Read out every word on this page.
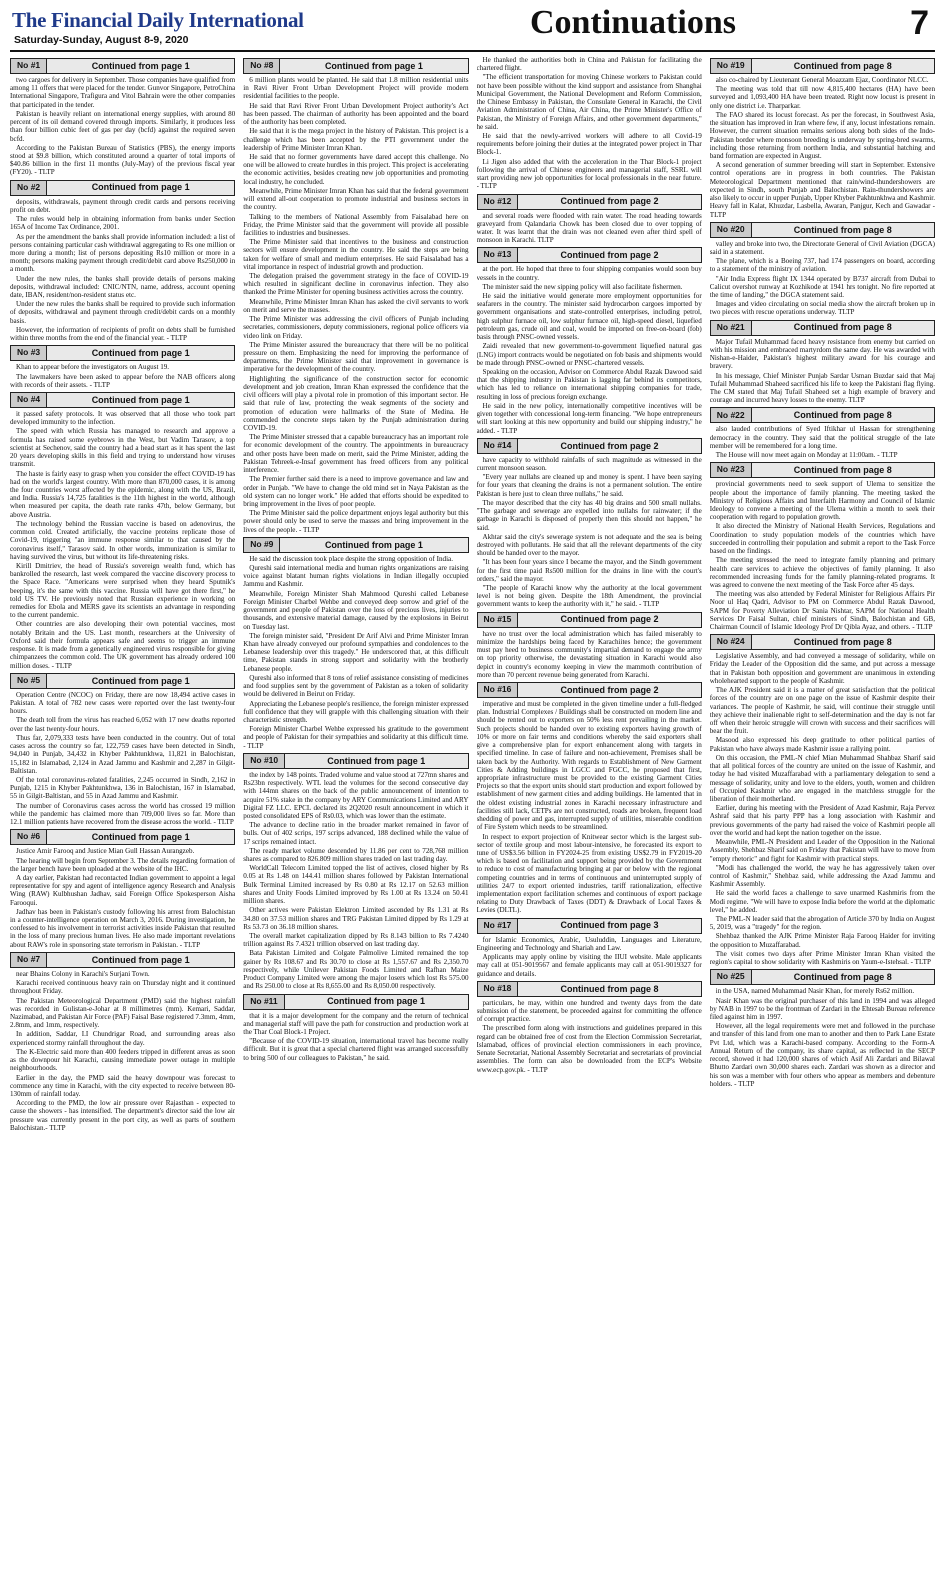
The Financial Daily International
Saturday-Sunday, August 8-9, 2020	Continuations	7
No #1	Continued from page 1

two cargoes for delivery in September. Those companies have qualified from among 11 offers that were placed for the tender. Gunvor Singapore, PetroChina International Singapore, Trafigura and Vitol Bahrain were the other companies that participated in the tender.

Pakistan is heavily reliant on international energy supplies, with around 80 percent of its oil demand covered through imports. Similarly, it produces less than four billion cubic feet of gas per day (bcfd) against the required seven bcfd.

According to the Pakistan Bureau of Statistics (PBS), the energy imports stood at $9.8 billion, which constituted around a quarter of total imports of $40.86 billion in the first 11 months (July-May) of the previous fiscal year (FY20). - TLTP

No #2	Continued from page 1

deposits, withdrawals, payment through credit cards and persons receiving profit on debt.

The rules would help in obtaining information from banks under Section 165A of Income Tax Ordinance, 2001.

As per the amendment the banks shall provide information included: a list of persons containing particular cash withdrawal aggregating to Rs one million or more during a month; list of persons depositing Rs10 million or more in a month; persons making payment through credit/debit card above Rs250,000 in a month.

Under the new rules, the banks shall provide details of persons making deposits, withdrawal included: CNIC/NTN, name, address, account opening date, IBAN, resident/non-resident status etc.

Under the new rules the banks shall be required to provide such information of deposits, withdrawal and payment through credit/debit cards on a monthly basis.

However, the information of recipients of profit on debts shall be furnished within three months from the end of the financial year. - TLTP

No #3	Continued from page 1

Khan to appear before the investigators on August 19.

The lawmakers have been asked to appear before the NAB officers along with records of their assets. - TLTP

No #4	Continued from page 1

it passed safety protocols. It was observed that all those who took part developed immunity to the infection.

The speed with which Russia has managed to research and approve a formula has raised some eyebrows in the West, but Vadim Tarasov, a top scientist at Sechenov, said the country had a head start as it has spent the last 20 years developing skills in this field and trying to understand how viruses transmit.

The haste is fairly easy to grasp when you consider the effect COVID-19 has had on the world's largest country. With more than 870,000 cases, it is among the four countries worst affected by the epidemic, along with the US, Brazil, and India. Russia's 14,725 fatalities is the 11th highest in the world, although when measured per capita, the death rate ranks 47th, below Germany, but above Austria.

The technology behind the Russian vaccine is based on adenovirus, the common cold. Created artificially, the vaccine proteins replicate those of Covid-19, triggering "an immune response similar to that caused by the coronavirus itself," Tarasov said. In other words, immunization is similar to having survived the virus, but without its life-threatening risks.

Kirill Dmitriev, the head of Russia's sovereign wealth fund, which has bankrolled the research, last week compared the vaccine discovery process to the Space Race. "Americans were surprised when they heard Sputnik's beeping, it's the same with this vaccine. Russia will have got there first," he told US TV. He previously noted that Russian experience in working on remedies for Ebola and MERS gave its scientists an advantage in responding to the current pandemic.

Other countries are also developing their own potential vaccines, most notably Britain and the US. Last month, researchers at the University of Oxford said their formula appears safe and seems to trigger an immune response. It is made from a genetically engineered virus responsible for giving chimpanzees the common cold. The UK government has already ordered 100 million doses. - TLTP

No #5	Continued from page 1

Operation Centre (NCOC) on Friday, there are now 18,494 active cases in Pakistan. A total of 782 new cases were reported over the last twenty-four hours.

The death toll from the virus has reached 6,052 with 17 new deaths reported over the last twenty-four hours.

Thus far, 2,079,333 tests have been conducted in the country. Out of total cases across the country so far, 122,759 cases have been detected in Sindh, 94,040 in Punjab, 34,432 in Khyber Pakhtunkhwa, 11,821 in Balochistan, 15,182 in Islamabad, 2,124 in Azad Jammu and Kashmir and 2,287 in Gilgit-Baltistan.

Of the total coronavirus-related fatalities, 2,245 occurred in Sindh, 2,162 in Punjab, 1215 in Khyber Pakhtunkhwa, 136 in Balochistan, 167 in Islamabad, 55 in Gilgit-Baltistan, and 55 in Azad Jammu and Kashmir.

The number of Coronavirus cases across the world has crossed 19 million while the pandemic has claimed more than 709,000 lives so far. More than 12.1 million patients have recovered from the disease across the world. - TLTP

No #6	Continued from page 1

Justice Amir Farooq and Justice Mian Gull Hassan Aurangzeb.

The hearing will begin from September 3. The details regarding formation of the larger bench have been uploaded at the website of the IHC.

A day earlier, Pakistan had recontacted Indian government to appoint a legal representative for spy and agent of intelligence agency Research and Analysis Wing (RAW) Kulbhushan Jadhav, said Foreign Office Spokesperson Aisha Farooqui.

Jadhav has been in Pakistan's custody following his arrest from Balochistan in a counter-intelligence operation on March 3, 2016. During investigation, he confessed to his involvement in terrorist activities inside Pakistan that resulted in the loss of many precious human lives. He also made important revelations about RAW's role in sponsoring state terrorism in Pakistan. - TLTP

No #7	Continued from page 1

near Bhains Colony in Karachi's Surjani Town.

Karachi received continuous heavy rain on Thursday night and it continued throughout Friday.

The Pakistan Meteorological Department (PMD) said the highest rainfall was recorded in Gulistan-e-Johar at 8 millimetres (mm). Kemari, Saddar, Nazimabad, and Pakistan Air Force (PAF) Faisal Base registered 7.3mm, 4mm, 2.8mm, and 1mm, respectively.

In addition, Saddar, I.I Chundrigar Road, and surrounding areas also experienced stormy rainfall throughout the day.

The K-Electric said more than 400 feeders tripped in different areas as soon as the downpour hit Karachi, causing immediate power outage in multiple neighbourhoods.

Earlier in the day, the PMD said the heavy downpour was forecast to commence any time in Karachi, with the city expected to receive between 80-130mm of rainfall today.

According to the PMD, the low air pressure over Rajasthan - expected to cause the showers - has intensified. The department's director said the low air pressure was currently present in the port city, as well as parts of southern Balochistan.- TLTP

No #8	Continued from page 1

6 million plants would be planted. He said that 1.8 million residential units in Ravi River Front Urban Development Project will provide modern residential facilities to the people.

He said that Ravi River Front Urban Development Project authority's Act has been passed. The chairman of authority has been appointed and the board of the authority has been completed.

He said that it is the mega project in the history of Pakistan. This project is a challenge which has been accepted by the PTI government under the leadership of Prime Minister Imran Khan.

He said that no former governments have dared accept this challenge. No one will be allowed to create hurdles in this project. This project is accelerating the economic activities, besides creating new job opportunities and promoting local industry, he concluded.

Meanwhile, Prime Minister Imran Khan has said that the federal government will extend all-out cooperation to promote industrial and business sectors in the country.

Talking to the members of National Assembly from Faisalabad here on Friday, the Prime Minister said that the government will provide all possible facilities to industries and businesses.

The Prime Minister said that incentives to the business and construction sectors will ensure development in the country. He said the steps are being taken for welfare of small and medium enterprises. He said Faisalabad has a vital importance in respect of industrial growth and production.

The delegation praised the government strategy in the face of COVID-19 which resulted in significant decline in coronavirus infection. They also thanked the Prime Minister for opening business activities across the country.

Meanwhile, Prime Minister Imran Khan has asked the civil servants to work on merit and serve the masses.

The Prime Minister was addressing the civil officers of Punjab including secretaries, commissioners, deputy commissioners, regional police officers via video link on Friday.

The Prime Minister assured the bureaucracy that there will be no political pressure on them. Emphasizing the need for improving the performance of departments, the Prime Minister said that improvement in governance is imperative for the development of the country.

Highlighting the significance of the construction sector for economic development and job creation, Imran Khan expressed the confidence that the civil officers will play a pivotal role in promotion of this important sector. He said that rule of law, protecting the weak segments of the society and promotion of education were hallmarks of the State of Medina. He commended the concrete steps taken by the Punjab administration during COVID-19.

The Prime Minister stressed that a capable bureaucracy has an important role for economic development of the country. The appointments in bureaucracy and other posts have been made on merit, said the Prime Minister, adding the Pakistan Tehreek-e-Insaf government has freed officers from any political interference.

The Premier further said there is a need to improve governance and law and order in Punjab. "We have to change the old mind set in Naya Pakistan as the old system can no longer work." He added that efforts should be expedited to bring improvement in the lives of poor people.

The Prime Minister said the police department enjoys legal authority but this power should only be used to serve the masses and bring improvement in the lives of the people. - TLTP

No #9	Continued from page 1

He said the discussion took place despite the strong opposition of India.

Qureshi said international media and human rights organizations are raising voice against blatant human rights violations in Indian illegally occupied Jammu and Kashmir.

Meanwhile, Foreign Minister Shah Mahmood Qureshi called Lebanese Foreign Minister Charbel Wehbe and conveyed deep sorrow and grief of the government and people of Pakistan over the loss of precious lives, injuries to thousands, and extensive material damage, caused by the explosions in Beirut on Tuesday last.

The foreign minister said, "President Dr Arif Alvi and Prime Minister Imran Khan have already conveyed our profound sympathies and condolences to the Lebanese leadership over this tragedy." He underscored that, at this difficult time, Pakistan stands in strong support and solidarity with the brotherly Lebanese people.

Qureshi also informed that 8 tons of relief assistance consisting of medicines and food supplies sent by the government of Pakistan as a token of solidarity would be delivered in Beirut on Friday.

Appreciating the Lebanese people's resilience, the foreign minister expressed full confidence that they will grapple with this challenging situation with their characteristic strength.

Foreign Minister Charbel Wehbe expressed his gratitude to the government and people of Pakistan for their sympathies and solidarity at this difficult time. - TLTP

No #10	Continued from page 1

the index by 148 points. Traded volume and value stood at 727mn shares and Rs23bn respectively. WTL lead the volumes for the second consecutive day with 144mn shares on the back of the public announcement of intention to acquire 51% stake in the company by ARY Communications Limited and ARY Digital FZ LLC. EPCL declared its 2Q2020 result announcement in which it posted consolidated EPS of Rs0.03, which was lower than the estimate.

The advance to decline ratio in the broader market remained in favor of bulls. Out of 402 scrips, 197 scrips advanced, 188 declined while the value of 17 scrips remained intact.

The ready market volume descended by 11.86 per cent to 728,768 million shares as compared to 826.809 million shares traded on last trading day.

WorldCall Telecom Limited topped the list of actives, closed higher by Rs 0.05 at Rs 1.48 on 144.41 million shares followed by Pakistan International Bulk Terminal Limited increased by Rs 0.80 at Rs 12.17 on 52.63 million shares and Unity Foods Limited improved by Rs 1.00 at Rs 13.24 on 50.41 million shares.

Other actives were Pakistan Elektron Limited ascended by Rs 1.31 at Rs 34.80 on 37.53 million shares and TRG Pakistan Limited dipped by Rs 1.29 at Rs 53.73 on 36.18 million shares.

The overall market capitalization dipped by Rs 8.143 billion to Rs 7.4240 trillion against Rs 7.4321 trillion observed on last trading day.

Bata Pakistan Limited and Colgate Palmolive Limited remained the top gainer by Rs 108.67 and Rs 30.70 to close at Rs 1,557.67 and Rs 2,350.70 respectively, while Unilever Pakistan Foods Limited and Rafhan Maize Product Company Limited were among the major losers which lost Rs 575.00 and Rs 250.00 to close at Rs 8,655.00 and Rs 8,050.00 respectively.

No #11	Continued from page 1

that it is a major development for the company and the return of technical and managerial staff will pave the path for construction and production work at the Thar Coal Block-1 Project.

"Because of the COVID-19 situation, international travel has become really difficult. But it is great that a special chartered flight was arranged successfully to bring 500 of our colleagues to Pakistan," he said.

He thanked the authorities both in China and Pakistan for facilitating the chartered flight.

"The efficient transportation for moving Chinese workers to Pakistan could not have been possible without the kind support and assistance from Shanghai Municipal Government, the National Development and Reform Commission, the Chinese Embassy in Pakistan, the Consulate General in Karachi, the Civil Aviation Administration of China, Air China, the Prime Minister's Office of Pakistan, the Ministry of Foreign Affairs, and other government departments," he said.

He said that the newly-arrived workers will adhere to all Covid-19 requirements before joining their duties at the integrated power project in Thar Block-1.

Li Jigen also added that with the acceleration in the Thar Block-1 project following the arrival of Chinese engineers and managerial staff, SSRL will start providing new job opportunities for local professionals in the near future. - TLTP

No #12	Continued from page 2

and several roads were flooded with rain water. The road heading towards graveyard from Qalandaria Chowk has been closed due to over topping of water. It was learnt that the drain was not cleaned even after third spell of monsoon in Karachi. TLTP

No #13	Continued from page 2

at the port. He hoped that three to four shipping companies would soon buy vessels in the country.

The minister said the new sipping policy will also facilitate fishermen.

He said the initiative would generate more employment opportunities for seafarers in the country. The minister said hydrocarbon cargoes imported by government organisations and state-controlled enterprises, including petrol, high sulphur furnace oil, low sulphur furnace oil, high-speed diesel, liquefied petroleum gas, crude oil and coal, would be imported on free-on-board (fob) basis through PNSC-owned vessels.

Zaidi revealed that new government-to-government liquefied natural gas (LNG) import contracts would be negotiated on fob basis and shipments would be made through PNSC-owned or PNSC-chartered vessels.

Speaking on the occasion, Advisor on Commerce Abdul Razak Dawood said that the shipping industry in Pakistan is lagging far behind its competitors, which has led to reliance on international shipping companies for trade, resulting in loss of precious foreign exchange.

He said in the new policy, internationally competitive incentives will be given together with concessional long-term financing. "We hope entrepreneurs will start looking at this new opportunity and build our shipping industry," he added. - TLTP

No #14	Continued from page 2

have capacity to withhold rainfalls of such magnitude as witnessed in the current monsoon season.

"Every year nullahs are cleaned up and money is spent. I have been saying for four years that cleaning the drains is not a permanent solution. The entire Pakistan is here just to clean three nullahs," he said.

The mayor described that the city has 40 big drains and 500 small nullahs. "The garbage and sewerage are expelled into nullahs for rainwater; if the garbage in Karachi is disposed of properly then this should not happen," he said.

Akhtar said the city's sewerage system is not adequate and the sea is being destroyed with pollutants. He said that all the relevant departments of the city should be handed over to the mayor.

"It has been four years since I became the mayor, and the Sindh government for the first time paid Rs500 million for the drains in line with the court's orders," said the mayor.

"The people of Karachi know why the authority at the local government level is not being given. Despite the 18th Amendment, the provincial government wants to keep the authority with it," he said. - TLTP

No #15	Continued from page 2

have no trust over the local administration which has failed miserably to minimize the hardships being faced by Karachiites hence; the government must pay heed to business community's impartial demand to engage the army on top priority otherwise, the devastating situation in Karachi would also depict in country's economy keeping in view the mammoth contribution of more than 70 percent revenue being generated from Karachi.

No #16	Continued from page 2

imperative and must be completed in the given timeline under a full-fledged plan. Industrial Complexes / Buildings shall be constructed on modern line and should be rented out to exporters on 50% less rent prevailing in the market. Such projects should be handed over to existing exporters having growth of 10% or more on fair terms and conditions whereby the said exporters shall give a comprehensive plan for export enhancement along with targets in specified timeline. In case of failure and non-achievement, Premises shall be taken back by the Authority. With regards to Establishment of New Garment Cities & Adding buildings in LGCC and FGCC, he proposed that first, appropriate infrastructure must be provided to the existing Garment Cities Projects so that the export units should start production and export followed by establishment of new garment cities and adding buildings. He lamented that in the oldest existing industrial zones in Karachi necessary infrastructure and facilities still lack, CETPs are not constructed, roads are broken, frequent load shedding of power and gas, interrupted supply of utilities, miserable condition of Fire System which needs to be streamlined.

In respect to export projection of Knitwear sector which is the largest sub-sector of textile group and most labour-intensive, he forecasted its export to tune of US$3.56 billion in FY2024-25 from existing US$2.79 in FY2019-20 which is based on facilitation and support being provided by the Government to reduce to cost of manufacturing bringing at par or below with the regional competing countries and in terms of continuous and uninterrupted supply of utilities 24/7 to export oriented industries, tariff rationalization, effective implementation export facilitation schemes and continuous of export package relating to Duty Drawback of Taxes (DDT) & Drawback of Local Taxes & Levies (DLTL).

No #17	Continued from page 3

for Islamic Economics, Arabic, Usuluddin, Languages and Literature, Engineering and Technology and Shariah and Law.

Applicants may apply online by visiting the IIUI website. Male applicants may call at 051-9019567 and female applicants may call at 051-9019327 for guidance and details.

No #18	Continued from page 8

particulars, he may, within one hundred and twenty days from the date submission of the statement, be proceeded against for committing the offence of corrupt practice.

The prescribed form along with instructions and guidelines prepared in this regard can be obtained free of cost from the Election Commission Secretariat, Islamabad, offices of provincial election commissioners in each province, Senate Secretariat, National Assembly Secretariat and secretariats of provincial assemblies. The form can also be downloaded from the ECP's Website www.ecp.gov.pk. - TLTP

No #19	Continued from page 8

also co-chaired by Lieutenant General Moazzam Ejaz, Coordinator NLCC.

The meeting was told that till now 4,815,400 hectares (HA) have been surveyed and 1,093,400 HA have been treated. Right now locust is present in only one district i.e. Tharparkar.

The FAO shared its locust forecast. As per the forecast, in Southwest Asia, the situation has improved in Iran where few, if any, locust infestations remain. However, the current situation remains serious along both sides of the Indo-Pakistan border where monsoon breeding is underway by spring-bred swarms, including those returning from northern India, and substantial hatching and band formation are expected in August.

A second generation of summer breeding will start in September. Extensive control operations are in progress in both countries. The Pakistan Meteorological Department mentioned that rain/wind-thundershowers are expected in Sindh, south Punjab and Balochistan. Rain-thundershowers are also likely to occur in upper Punjab, Upper Khyber Pakhtunkhwa and Kashmir. Heavy fall in Kalat, Khuzdar, Lasbella, Awaran, Panjgur, Kech and Gawadar - TLTP

No #20	Continued from page 8

valley and broke into two, the Directorate General of Civil Aviation (DGCA) said in a statement.

The plane, which is a Boeing 737, had 174 passengers on board, according to a statement of the ministry of aviation.

"Air India Express flight IX 1344 operated by B737 aircraft from Dubai to Calicut overshot runway at Kozhikode at 1941 hrs tonight. No fire reported at the time of landing," the DGCA statement said.

Images and video circulating on social media show the aircraft broken up in two pieces with rescue operations underway. TLTP

No #21	Continued from page 8

Major Tufail Muhammad faced heavy resistance from enemy but carried on with his mission and embraced martyrdom the same day. He was awarded with Nishan-e-Haider, Pakistan's highest military award for his courage and bravery.

In his message, Chief Minister Punjab Sardar Usman Buzdar said that Maj Tufail Muhammad Shaheed sacrificed his life to keep the Pakistani flag flying. The CM stated that Maj Tufail Shaheed set a high example of bravery and courage and incurred heavy losses to the enemy. TLTP

No #22	Continued from page 8

also lauded contributions of Syed Iftikhar ul Hassan for strengthening democracy in the country. They said that the political struggle of the late member will be remembered for a long time.

The House will now meet again on Monday at 11:00am. - TLTP

No #23	Continued from page 8

provincial governments need to seek support of Ulema to sensitize the people about the importance of family planning. The meeting tasked the Ministry of Religious Affairs and Interfaith Harmony and Council of Islamic Ideology to convene a meeting of the Ulema within a month to seek their cooperation with regard to population growth.

It also directed the Ministry of National Health Services, Regulations and Coordination to study population models of the countries which have succeeded in controlling their population and submit a report to the Task Force based on the findings.

The meeting stressed the need to integrate family planning and primary health care services to achieve the objectives of family planning. It also recommended increasing funds for the family planning-related programs. It was agreed to convene the next meeting of the Task Force after 45 days.

The meeting was also attended by Federal Minister for Religious Affairs Pir Noor ul Haq Qadri, Advisor to PM on Commerce Abdul Razak Dawood, SAPM for Poverty Alleviation Dr Sania Nishtar, SAPM for National Health Services Dr Faisal Sultan, chief ministers of Sindh, Balochistan and GB, Chairman Council of Islamic Ideology Prof Dr Qibla Ayaz, and others. - TLTP

No #24	Continued from page 8

Legislative Assembly, and had conveyed a message of solidarity, while on Friday the Leader of the Opposition did the same, and put across a message that in Pakistan both opposition and government are unanimous in extending wholehearted support to the people of Kashmir.

The AJK President said it is a matter of great satisfaction that the political forces of the country are on one page on the issue of Kashmir despite their variances. The people of Kashmir, he said, will continue their struggle until they achieve their inalienable right to self-determination and the day is not far off when their heroic struggle will crown with success and their sacrifices will bear the fruit.

Masood also expressed his deep gratitude to other political parties of Pakistan who have always made Kashmir issue a rallying point.

On this occasion, the PML-N chief Mian Muhammad Shahbaz Sharif said that all political forces of the country are united on the issue of Kashmir, and today he had visited Muzaffarabad with a parliamentary delegation to send a message of solidarity, unity and love to the elders, youth, women and children of Occupied Kashmir who are engaged in the matchless struggle for the liberation of their motherland.

Earlier, during his meeting with the President of Azad Kashmir, Raja Pervez Ashraf said that his party PPP has a long association with Kashmir and previous governments of the party had raised the voice of Kashmiri people all over the world and had kept the nation together on the issue.

Meanwhile, PML-N President and Leader of the Opposition in the National Assembly, Shehbaz Sharif said on Friday that Pakistan will have to move from "empty rhetoric" and fight for Kashmir with practical steps.

"Modi has challenged the world, the way he has aggressively taken over control of Kashmir," Shehbaz said, while addressing the Azad Jammu and Kashmir Assembly.

He said the world faces a challenge to save unarmed Kashmiris from the Modi regime. "We will have to expose India before the world at the diplomatic level," he added.

The PML-N leader said that the abrogation of Article 370 by India on August 5, 2019, was a "tragedy" for the region.

Shehbaz thanked the AJK Prime Minister Raja Farooq Haider for inviting the opposition to Muzaffarabad.

The visit comes two days after Prime Minister Imran Khan visited the region's capital to show solidarity with Kashmiris on Yaum-e-Istehsal. - TLTP

No #25	Continued from page 8

in the USA, named Muhammad Nasir Khan, for merely Rs62 million.

Nasir Khan was the original purchaser of this land in 1994 and was alleged by NAB in 1997 to be the frontman of Zardari in the Ehtesab Bureau reference filed against him in 1997.

However, all the legal requirements were met and followed in the purchase and transfer of this land from one man to another and then to Park Lane Estate Pvt Ltd, which was a Karachi-based company. According to the Form-A Annual Return of the company, its share capital, as reflected in the SECP record, showed it had 120,000 shares of which Asif Ali Zardari and Bilawal Bhutto Zardari own 30,000 shares each. Zardari was shown as a director and his son was a member with four others who appear as members and debenture holders. - TLTP
